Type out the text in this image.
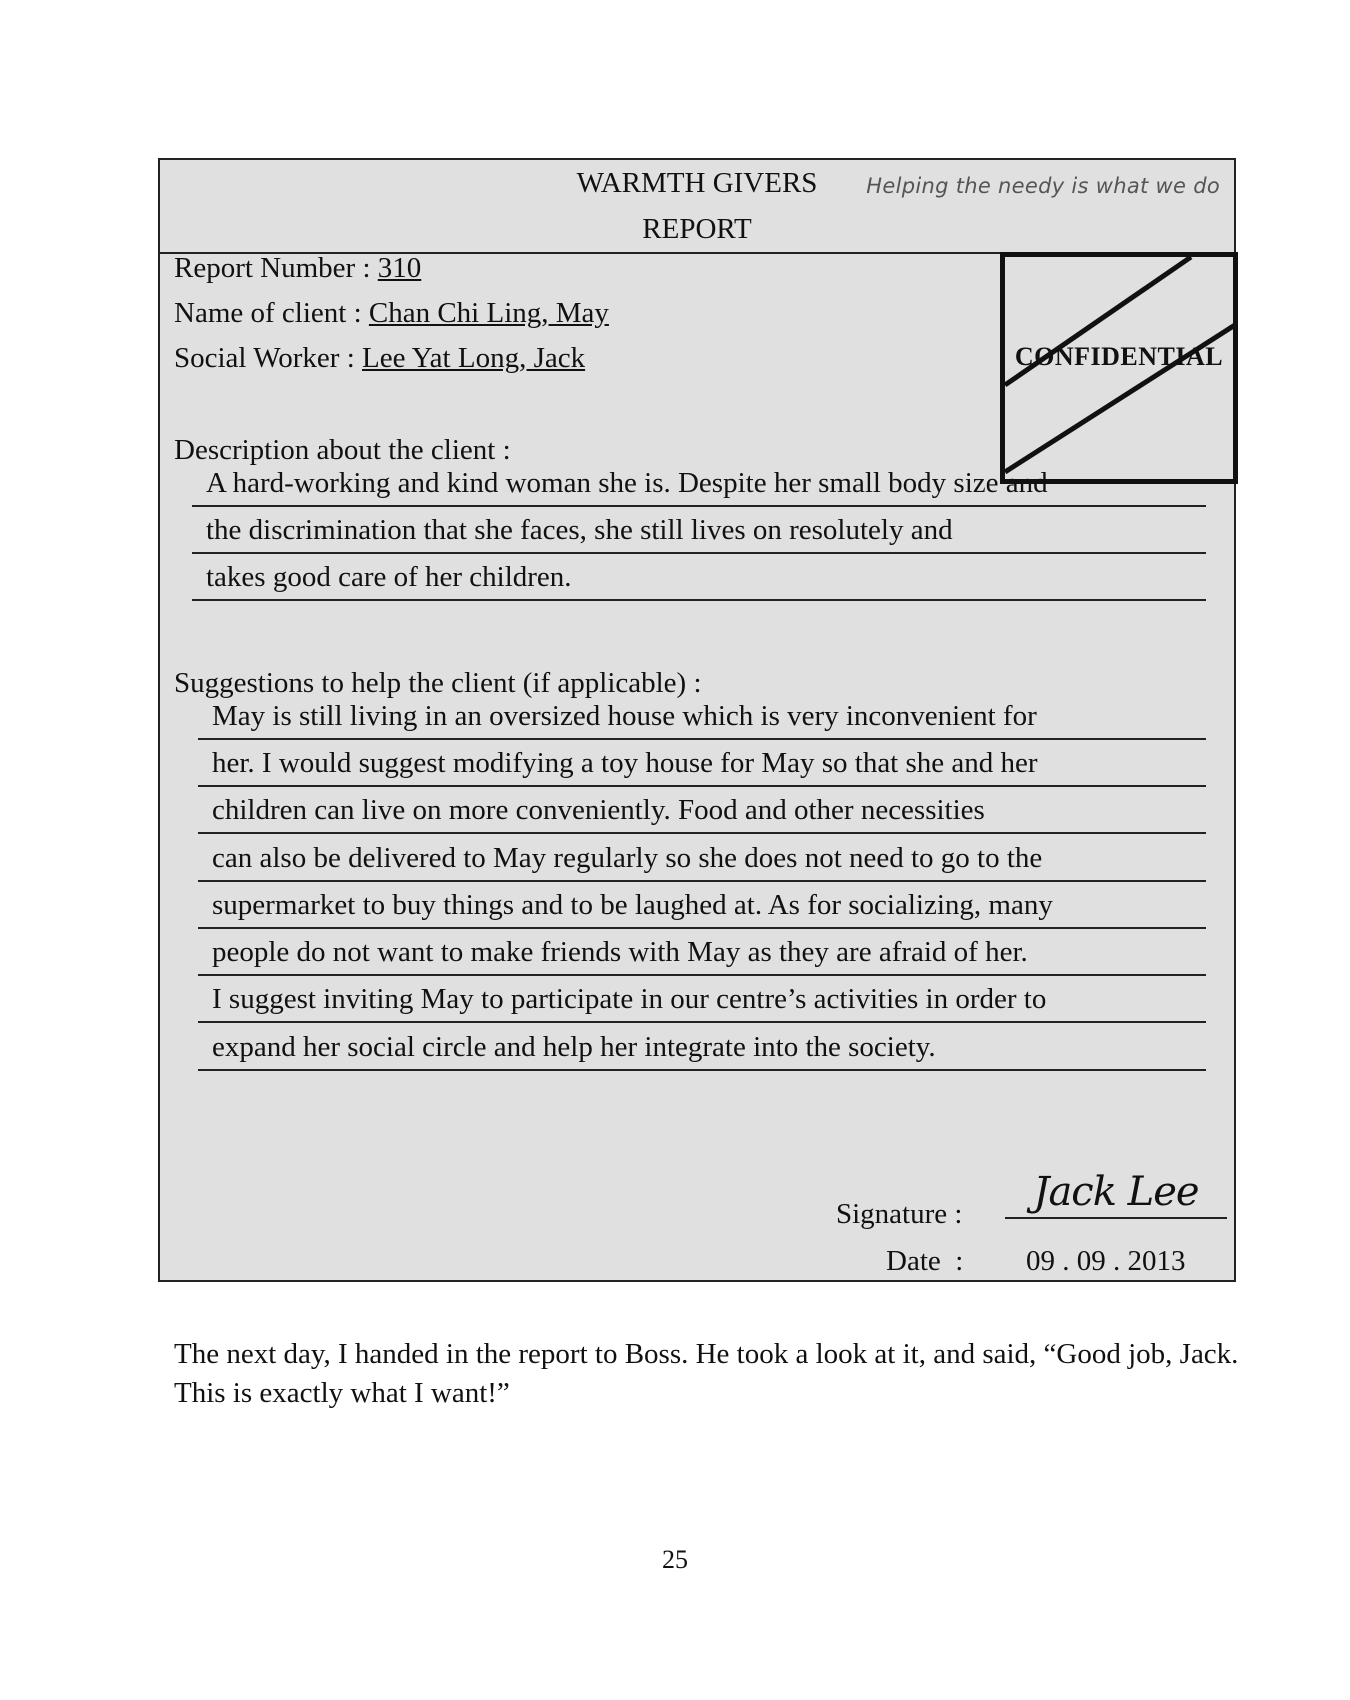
WARMTH GIVERS	Helping the needy is what we do
REPORT
CONFIDENTIAL
Report Number : 310
Name of client : Chan Chi Ling, May
Social Worker : Lee Yat Long, Jack
Description about the client :
A hard-working and kind woman she is. Despite her small body size and
the discrimination that she faces, she still lives on resolutely and
takes good care of her children.
Suggestions to help the client (if applicable) :
May is still living in an oversized house which is very inconvenient for
her. I would suggest modifying a toy house for May so that she and her
children can live on more conveniently. Food and other necessities
can also be delivered to May regularly so she does not need to go to the
supermarket to buy things and to be laughed at. As for socializing, many
people do not want to make friends with May as they are afraid of her.
I suggest inviting May to participate in our centre’s activities in order to
expand her social circle and help her integrate into the society.
Signature :	Jack Lee
Date  : 09 . 09 . 2013
The next day, I handed in the report to Boss. He took a look at it, and said, “Good job, Jack. This is exactly what I want!”
25
